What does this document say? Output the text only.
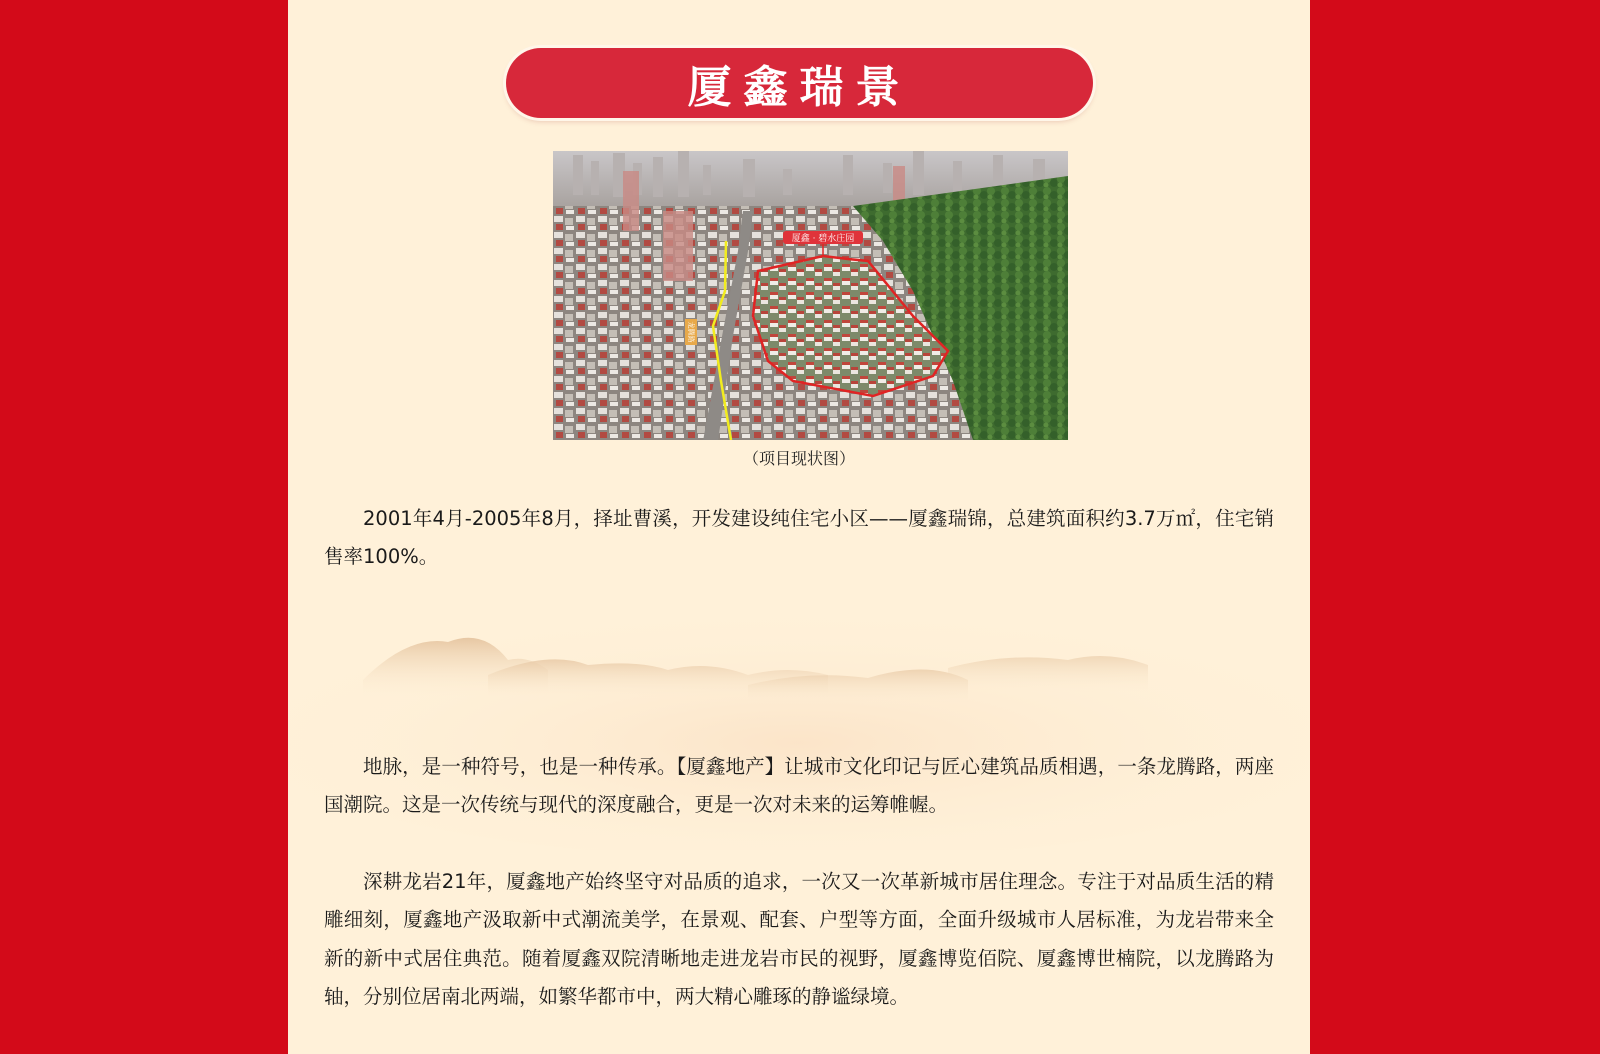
厦鑫瑞景
龙腾路
厦鑫 · 碧水庄园
（项目现状图）

2001年4月-2005年8月，择址曹溪，开发建设纯住宅小区——厦鑫瑞锦，总建筑面积约3.7万㎡，住宅销售率100%。

地脉，是一种符号，也是一种传承。【厦鑫地产】让城市文化印记与匠心建筑品质相遇，一条龙腾路，两座国潮院。这是一次传统与现代的深度融合，更是一次对未来的运筹帷幄。

深耕龙岩21年，厦鑫地产始终坚守对品质的追求，一次又一次革新城市居住理念。专注于对品质生活的精雕细刻，厦鑫地产汲取新中式潮流美学，在景观、配套、户型等方面，全面升级城市人居标准，为龙岩带来全新的新中式居住典范。随着厦鑫双院清晰地走进龙岩市民的视野，厦鑫博览佰院、厦鑫博世楠院，以龙腾路为轴，分别位居南北两端，如繁华都市中，两大精心雕琢的静谧绿境。
